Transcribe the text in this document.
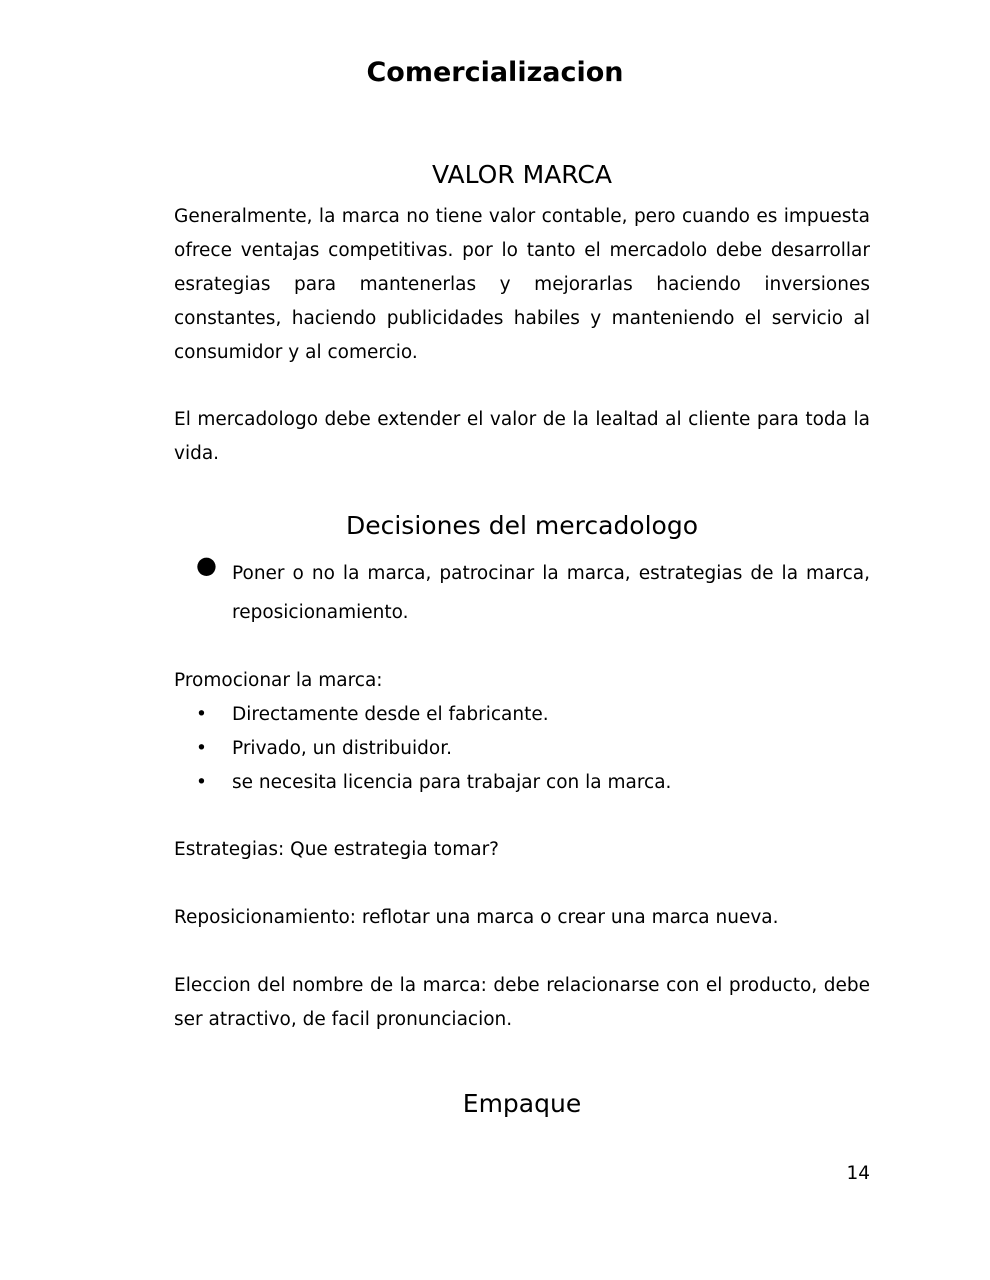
Comercializacion
VALOR MARCA

Generalmente, la marca no tiene valor contable, pero cuando es impuesta ofrece ventajas competitivas. por lo tanto el mercadolo debe desarrollar esrategias para mantenerlas y mejorarlas haciendo inversiones constantes, haciendo publicidades habiles y manteniendo el servicio al consumidor y al comercio.

El mercadologo debe extender el valor de la lealtad al cliente para toda la vida.

Decisiones del mercadologo
● Poner o no la marca, patrocinar la marca, estrategias de la marca, reposicionamiento.

Promocionar la marca:

• Directamente desde el fabricante.
• Privado, un distribuidor.
• se necesita licencia para trabajar con la marca.

Estrategias: Que estrategia tomar?

Reposicionamiento: reflotar una marca o crear una marca nueva.

Eleccion del nombre de la marca: debe relacionarse con el producto, debe ser atractivo, de facil pronunciacion.

Empaque
14
